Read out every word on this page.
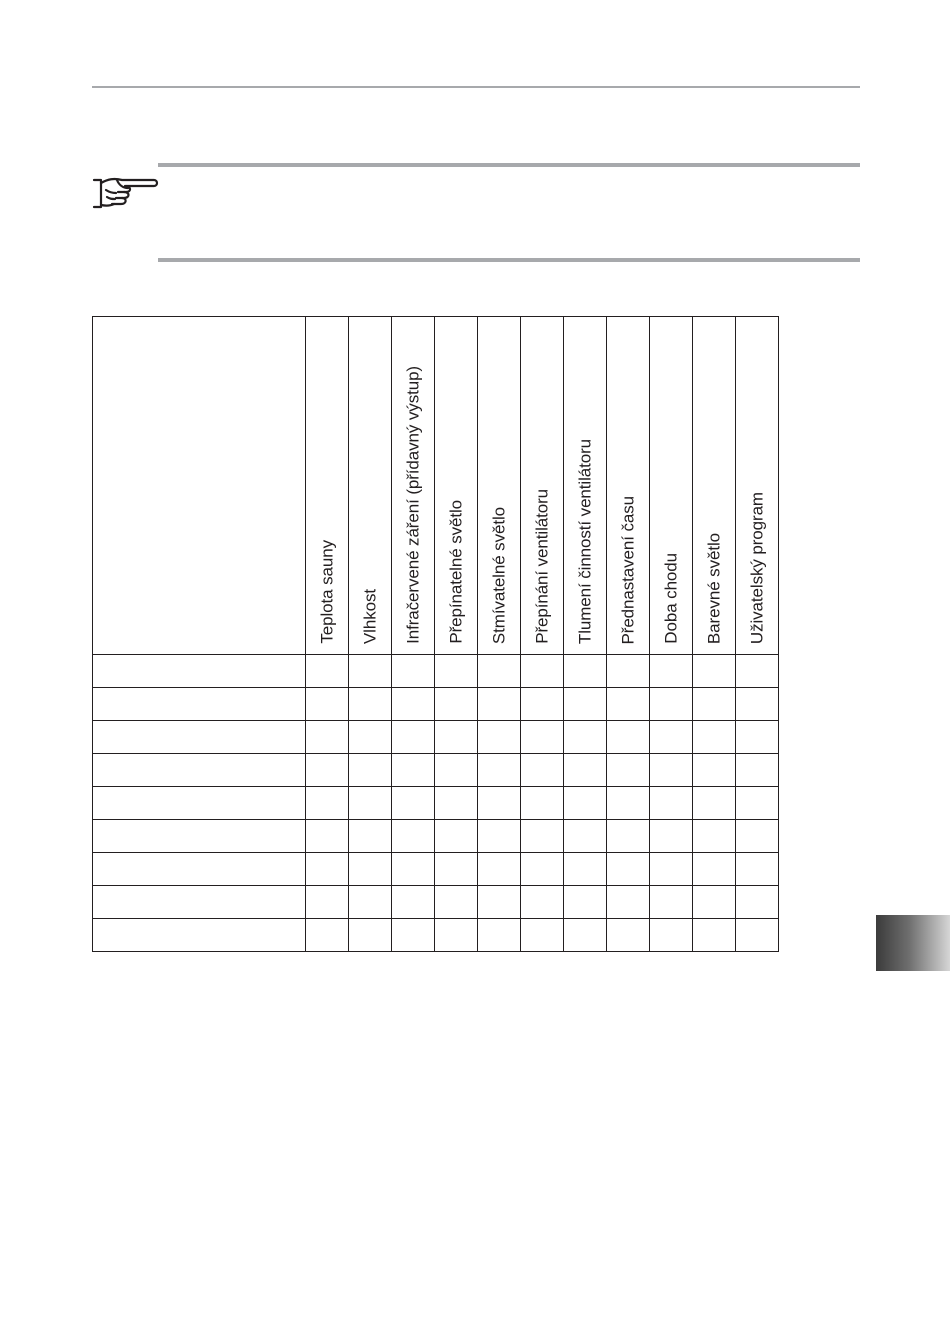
	Teplota sauny	Vlhkost	Infračervené záření (přídavný výstup)	Přepínatelné světlo	Stmívatelné světlo	Přepínání ventilátoru	Tlumení činností ventilátoru	Přednastavení času	Doba chodu	Barevné světlo	Uživatelský program
